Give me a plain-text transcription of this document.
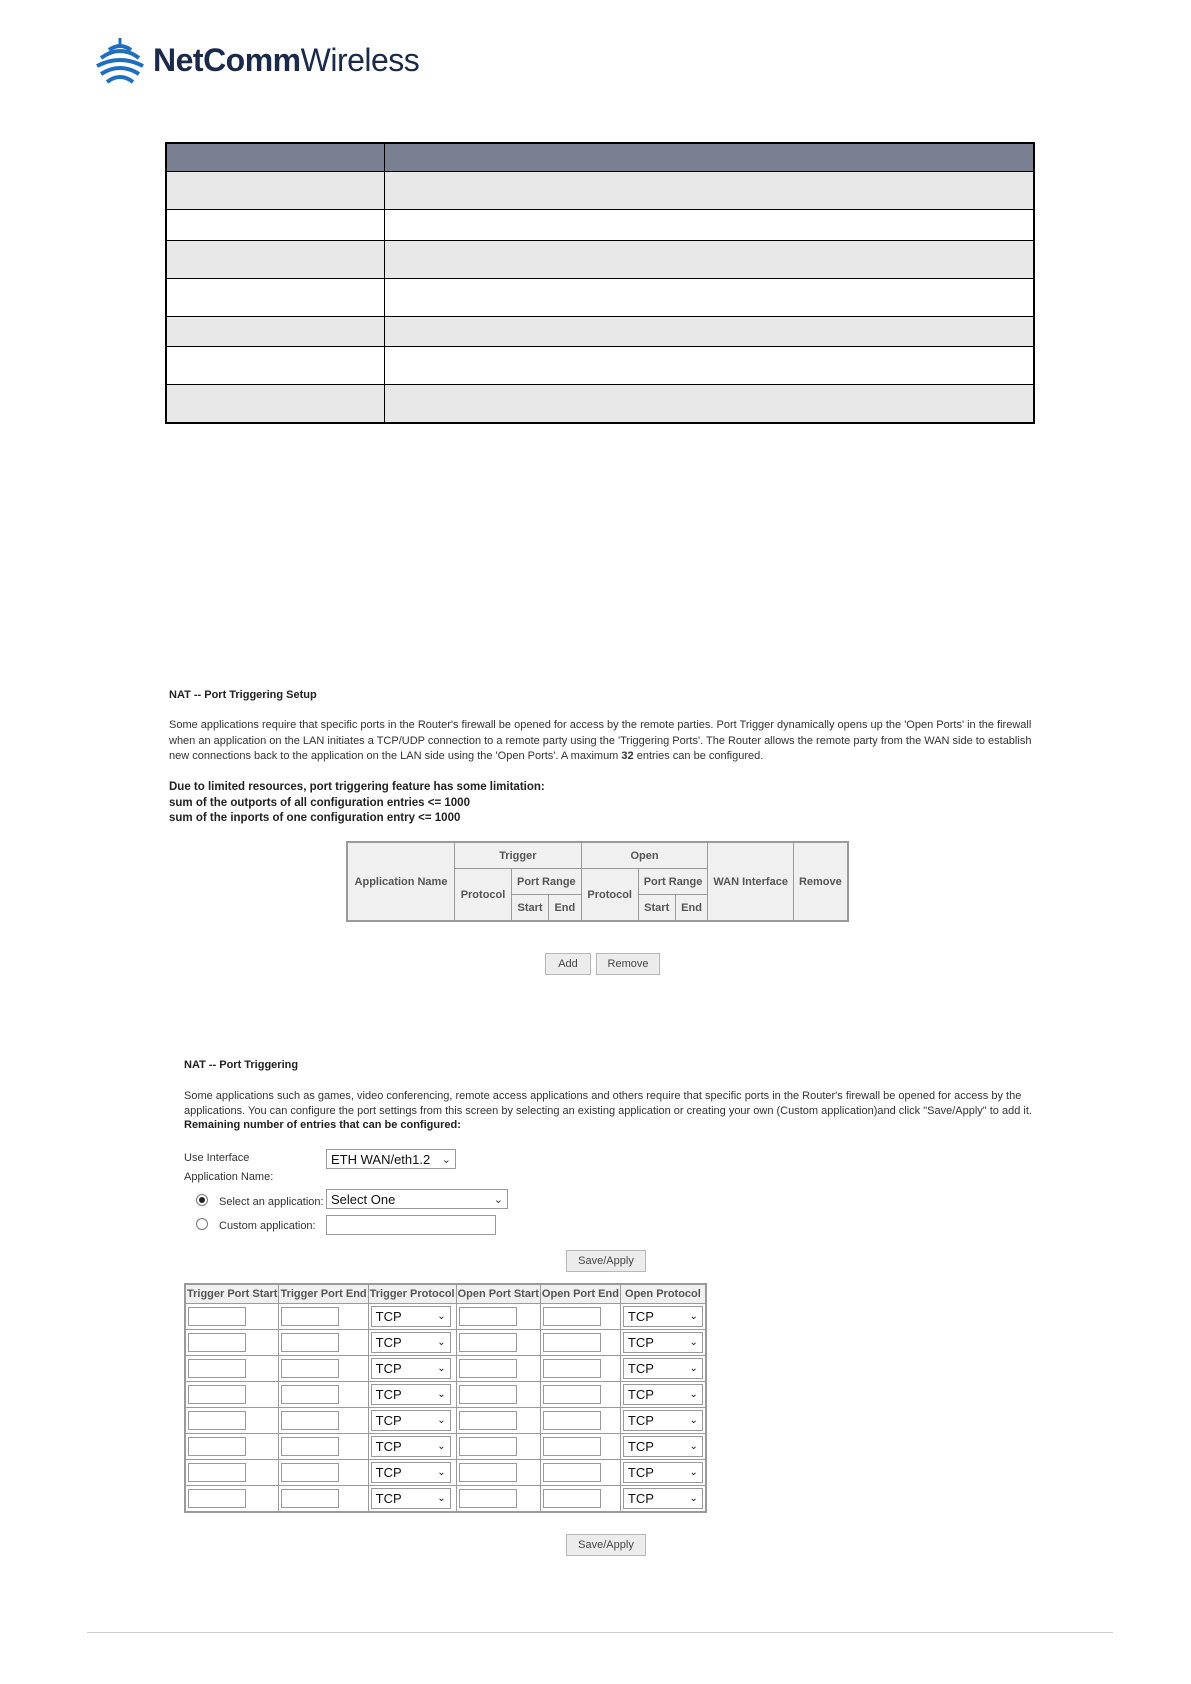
NetCommWireless

NAT -- Port Triggering Setup
Some applications require that specific ports in the Router's firewall be opened for access by the remote parties. Port Trigger dynamically opens up the 'Open Ports' in the firewall when an application on the LAN initiates a TCP/UDP connection to a remote party using the 'Triggering Ports'. The Router allows the remote party from the WAN side to establish new connections back to the application on the LAN side using the 'Open Ports'. A maximum 32 entries can be configured.
Due to limited resources, port triggering feature has some limitation:
sum of the outports of all configuration entries <= 1000
sum of the inports of one configuration entry <= 1000
Application Name	Trigger			Open			WAN Interface	Remove
	Protocol	Port Range		Protocol	Port Range			
		Start	End		Start	End		
Add	Remove
NAT -- Port Triggering
Some applications such as games, video conferencing, remote access applications and others require that specific ports in the Router's firewall be opened for access by the applications. You can configure the port settings from this screen by selecting an existing application or creating your own (Custom application)and click "Save/Apply" to add it.
Remaining number of entries that can be configured:
Use Interface	ETH WAN/eth1.2 ⌄
Application Name:
Select an application: Select One	⌄
Custom application:
Save/Apply
Trigger Port Start	Trigger Port End	Trigger Protocol	Open Port Start	Open Port End	Open Protocol

		TCP ⌄			TCP ⌄

		TCP ⌄			TCP ⌄

		TCP ⌄			TCP ⌄

		TCP ⌄			TCP ⌄

		TCP ⌄			TCP ⌄

		TCP ⌄			TCP ⌄

		TCP ⌄			TCP ⌄

		TCP ⌄			TCP ⌄
Save/Apply
